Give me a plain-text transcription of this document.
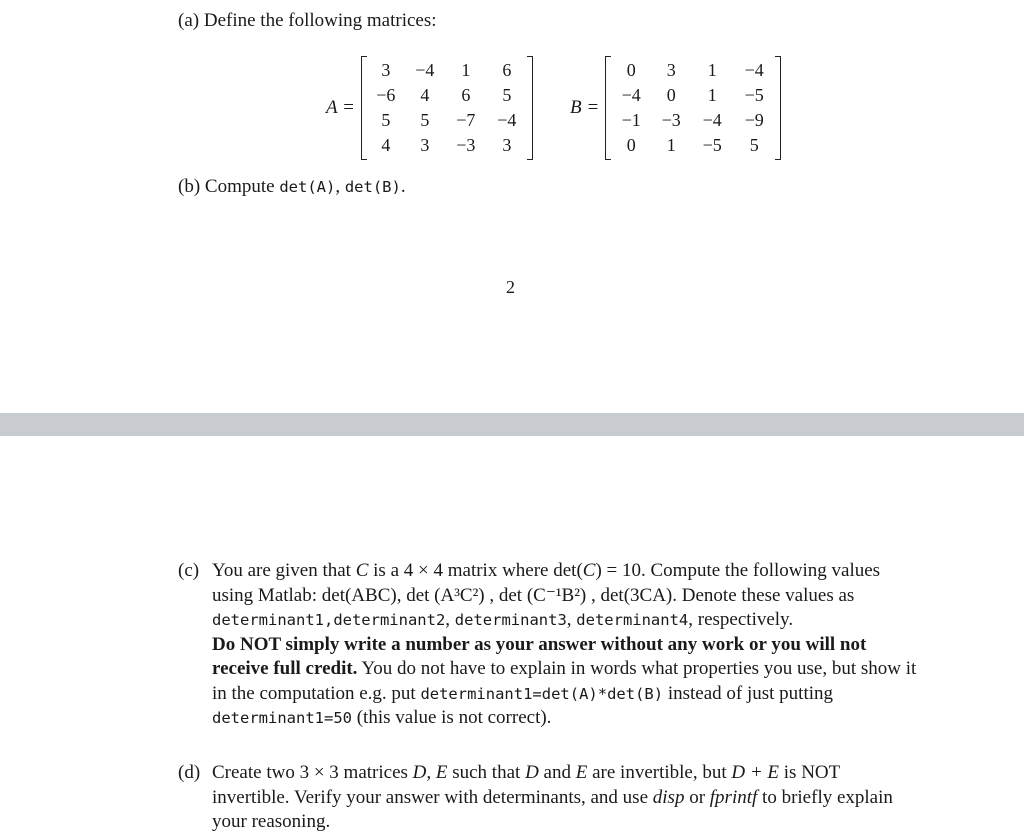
(a) Define the following matrices:
A =
3	−4	1	6
−6	4	6	5
5	5	−7	−4
4	3	−3	3
B =
0	3	1	−4
−4	0	1	−5
−1	−3	−4	−9
0	1	−5	5
(b) Compute det(A), det(B).
2
(c) You are given that C is a 4 × 4 matrix where det(C) = 10. Compute the following values using Matlab: det(ABC), det (A³C²) , det (C⁻¹B²) , det(3CA). Denote these values as determinant1,determinant2, determinant3, determinant4, respectively.

Do NOT simply write a number as your answer without any work or you will not receive full credit. You do not have to explain in words what properties you use, but show it in the computation e.g. put determinant1=det(A)*det(B) instead of just putting determinant1=50 (this value is not correct).

(d) Create two 3 × 3 matrices D, E such that D and E are invertible, but D + E is NOT invertible. Verify your answer with determinants, and use disp or fprintf to briefly explain your reasoning.
